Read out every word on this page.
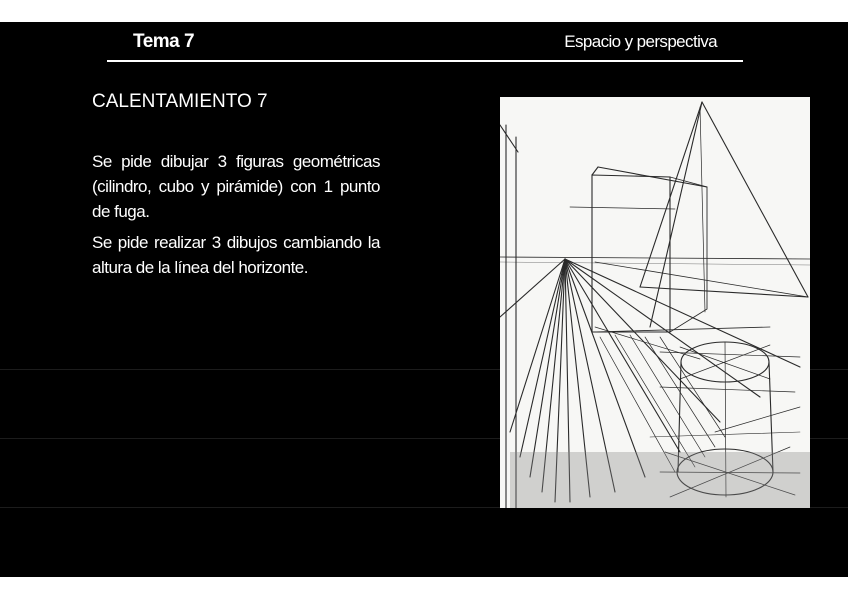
Tema 7	Espacio y perspectiva
CALENTAMIENTO 7

Se pide dibujar 3 figuras geométricas (cilindro, cubo y pirámide) con 1 punto de fuga.

Se pide realizar 3 dibujos cambiando la altura de la línea del horizonte.
